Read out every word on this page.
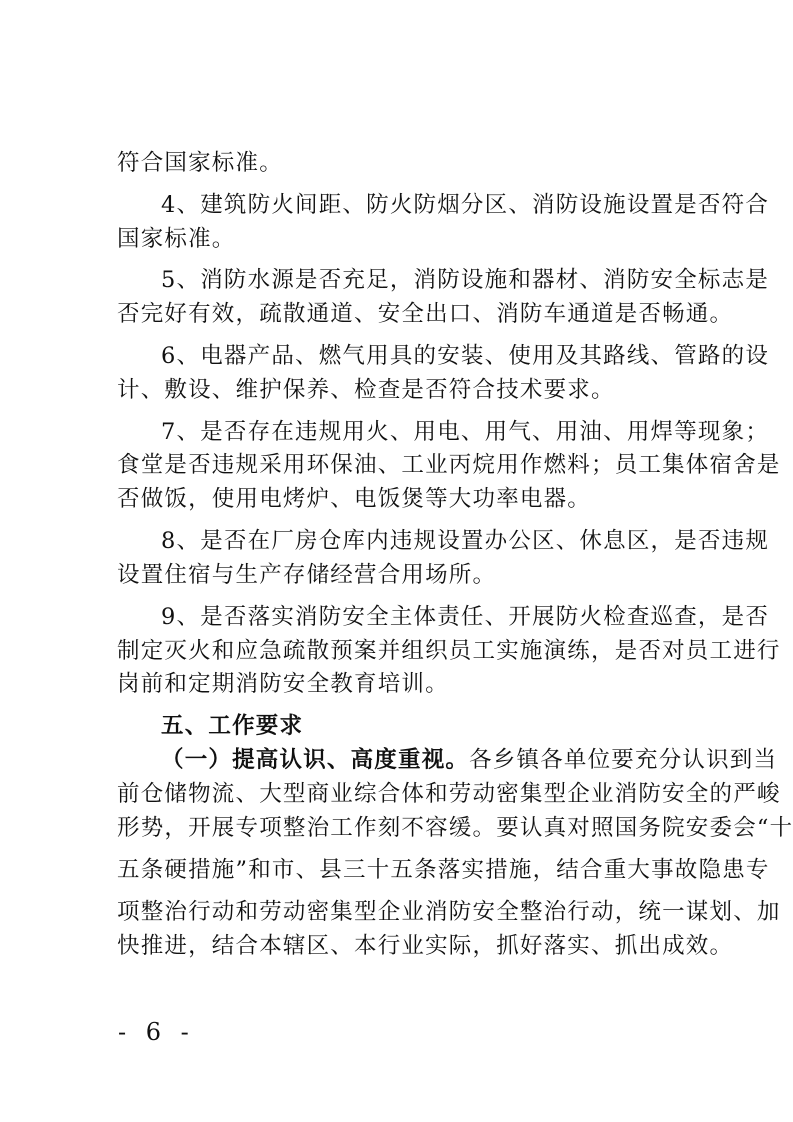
符合国家标准。
4、建筑防火间距、防火防烟分区、消防设施设置是否符合
国家标准。
5、消防水源是否充足，消防设施和器材、消防安全标志是
否完好有效，疏散通道、安全出口、消防车通道是否畅通。
6、电器产品、燃气用具的安装、使用及其路线、管路的设
计、敷设、维护保养、检查是否符合技术要求。
7、是否存在违规用火、用电、用气、用油、用焊等现象；
食堂是否违规采用环保油、工业丙烷用作燃料；员工集体宿舍是
否做饭，使用电烤炉、电饭煲等大功率电器。
8、是否在厂房仓库内违规设置办公区、休息区，是否违规
设置住宿与生产存储经营合用场所。
9、是否落实消防安全主体责任、开展防火检查巡查，是否
制定灭火和应急疏散预案并组织员工实施演练，是否对员工进行
岗前和定期消防安全教育培训。
五、工作要求
（一）提高认识、高度重视。各乡镇各单位要充分认识到当
前仓储物流、大型商业综合体和劳动密集型企业消防安全的严峻
形势，开展专项整治工作刻不容缓。要认真对照国务院安委会“十
五条硬措施”和市、县三十五条落实措施，结合重大事故隐患专
项整治行动和劳动密集型企业消防安全整治行动，统一谋划、加
快推进，结合本辖区、本行业实际，抓好落实、抓出成效。
- 6 -
